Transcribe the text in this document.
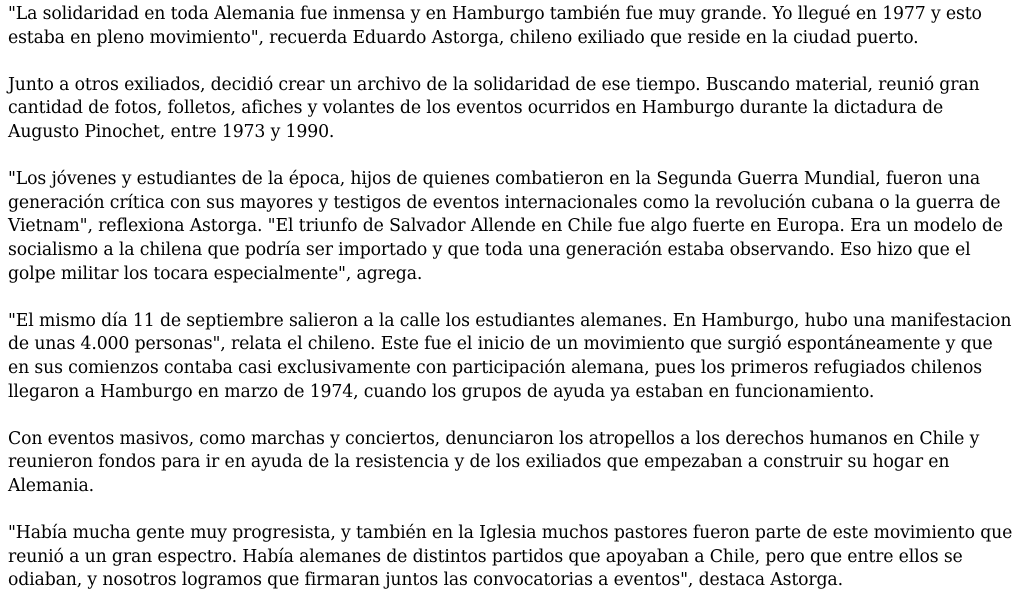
"La solidaridad en toda Alemania fue inmensa y en Hamburgo también fue muy grande. Yo llegué en 1977 y esto estaba en pleno movimiento", recuerda Eduardo Astorga, chileno exiliado que reside en la ciudad puerto.

Junto a otros exiliados, decidió crear un archivo de la solidaridad de ese tiempo. Buscando material, reunió gran cantidad de fotos, folletos, afiches y volantes de los eventos ocurridos en Hamburgo durante la dictadura de Augusto Pinochet, entre 1973 y 1990.

"Los jóvenes y estudiantes de la época, hijos de quienes combatieron en la Segunda Guerra Mundial, fueron una generación crítica con sus mayores y testigos de eventos internacionales como la revolución cubana o la guerra de Vietnam", reflexiona Astorga. "El triunfo de Salvador Allende en Chile fue algo fuerte en Europa. Era un modelo de socialismo a la chilena que podría ser importado y que toda una generación estaba observando. Eso hizo que el golpe militar los tocara especialmente", agrega.

"El mismo día 11 de septiembre salieron a la calle los estudiantes alemanes. En Hamburgo, hubo una manifestacion de unas 4.000 personas", relata el chileno. Este fue el inicio de un movimiento que surgió espontáneamente y que en sus comienzos contaba casi exclusivamente con participación alemana, pues los primeros refugiados chilenos llegaron a Hamburgo en marzo de 1974, cuando los grupos de ayuda ya estaban en funcionamiento.

Con eventos masivos, como marchas y conciertos, denunciaron los atropellos a los derechos humanos en Chile y reunieron fondos para ir en ayuda de la resistencia y de los exiliados que empezaban a construir su hogar en Alemania.

"Había mucha gente muy progresista, y también en la Iglesia muchos pastores fueron parte de este movimiento que reunió a un gran espectro. Había alemanes de distintos partidos que apoyaban a Chile, pero que entre ellos se odiaban, y nosotros logramos que firmaran juntos las convocatorias a eventos", destaca Astorga.
